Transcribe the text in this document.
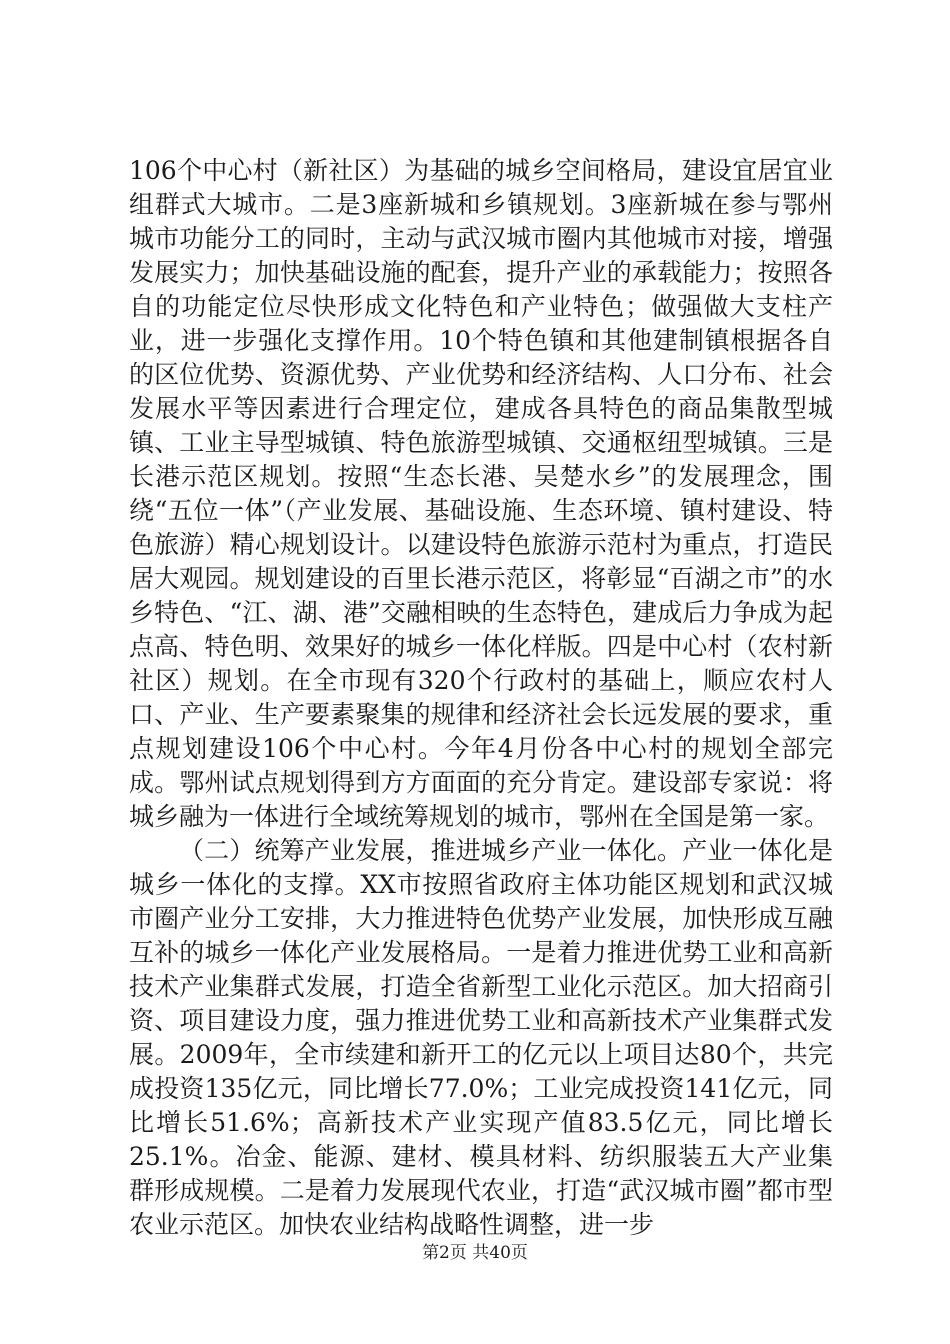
106个中心村（新社区）为基础的城乡空间格局，建设宜居宜业组群式大城市。二是3座新城和乡镇规划。3座新城在参与鄂州城市功能分工的同时，主动与武汉城市圈内其他城市对接，增强发展实力；加快基础设施的配套，提升产业的承载能力；按照各自的功能定位尽快形成文化特色和产业特色；做强做大支柱产业，进一步强化支撑作用。10个特色镇和其他建制镇根据各自的区位优势、资源优势、产业优势和经济结构、人口分布、社会发展水平等因素进行合理定位，建成各具特色的商品集散型城镇、工业主导型城镇、特色旅游型城镇、交通枢纽型城镇。三是长港示范区规划。按照“生态长港、吴楚水乡”的发展理念，围绕“五位一体”（产业发展、基础设施、生态环境、镇村建设、特色旅游）精心规划设计。以建设特色旅游示范村为重点，打造民居大观园。规划建设的百里长港示范区，将彰显“百湖之市”的水乡特色、“江、湖、港”交融相映的生态特色，建成后力争成为起点高、特色明、效果好的城乡一体化样版。四是中心村（农村新社区）规划。在全市现有320个行政村的基础上，顺应农村人口、产业、生产要素聚集的规律和经济社会长远发展的要求，重点规划建设106个中心村。今年4月份各中心村的规划全部完成。鄂州试点规划得到方方面面的充分肯定。建设部专家说：将城乡融为一体进行全域统筹规划的城市，鄂州在全国是第一家。

（二）统筹产业发展，推进城乡产业一体化。产业一体化是城乡一体化的支撑。XX市按照省政府主体功能区规划和武汉城市圈产业分工安排，大力推进特色优势产业发展，加快形成互融互补的城乡一体化产业发展格局。一是着力推进优势工业和高新技术产业集群式发展，打造全省新型工业化示范区。加大招商引资、项目建设力度，强力推进优势工业和高新技术产业集群式发展。2009年，全市续建和新开工的亿元以上项目达80个，共完成投资135亿元，同比增长77.0%；工业完成投资141亿元，同比增长51.6%；高新技术产业实现产值83.5亿元，同比增长25.1%。冶金、能源、建材、模具材料、纺织服装五大产业集群形成规模。二是着力发展现代农业，打造“武汉城市圈”都市型农业示范区。加快农业结构战略性调整，进一步

第2页 共40页
